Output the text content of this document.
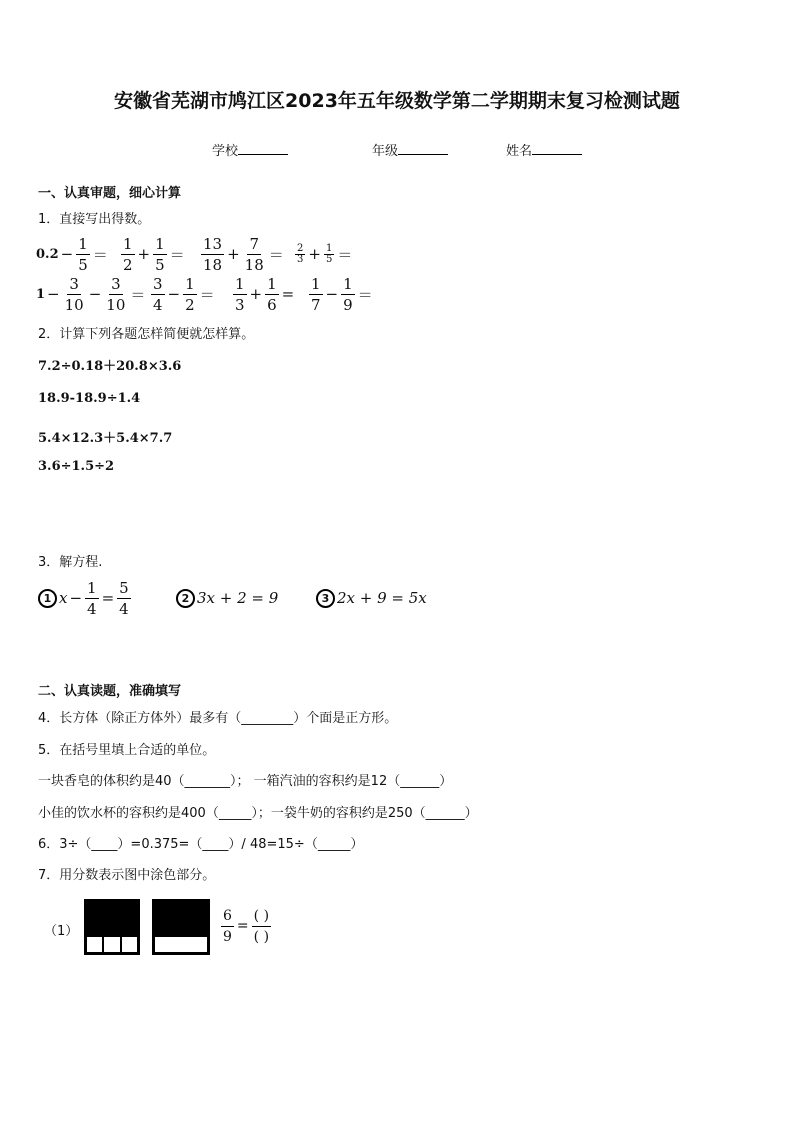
安徽省芜湖市鸠江区2023年五年级数学第二学期期末复习检测试题
学校	年级	姓名
一、认真审题，细心计算
1．直接写出得数。
$0.2 - \frac{1}{5} = \frac{1}{2} + \frac{1}{5} = \frac{13}{18} + \frac{7}{18} = \frac{2}{3} + \frac{1}{5}$ ＝
$1 - \frac{3}{10} - \frac{3}{10} = \frac{3}{4} - \frac{1}{2} = \frac{1}{3} + \frac{1}{6} = \frac{1}{7} - \frac{1}{9}$ ＝
2．计算下列各题怎样简便就怎样算。
7.2÷0.18＋20.8×3.6
18.9-18.9÷1.4
5.4×12.3＋5.4×7.7
3.6÷1.5÷2
3．解方程.
1 $x - \frac{1}{4} = \frac{5}{4}$	2 3x + 2 = 9	3 2x + 9 = 5x
二、认真读题，准确填写
4．长方体（除正方体外）最多有（________）个面是正方形。
5．在括号里填上合适的单位。
一块香皂的体积约是40（_______）； 一箱汽油的容积约是12（______）
小佳的饮水杯的容积约是400（_____）；一袋牛奶的容积约是250（______）
6．3÷（____）=0.375=（____）/ 48=15÷（_____）
7．用分数表示图中涂色部分。
（1）	$\frac{6}{9} = \frac{( )}{( )}$
